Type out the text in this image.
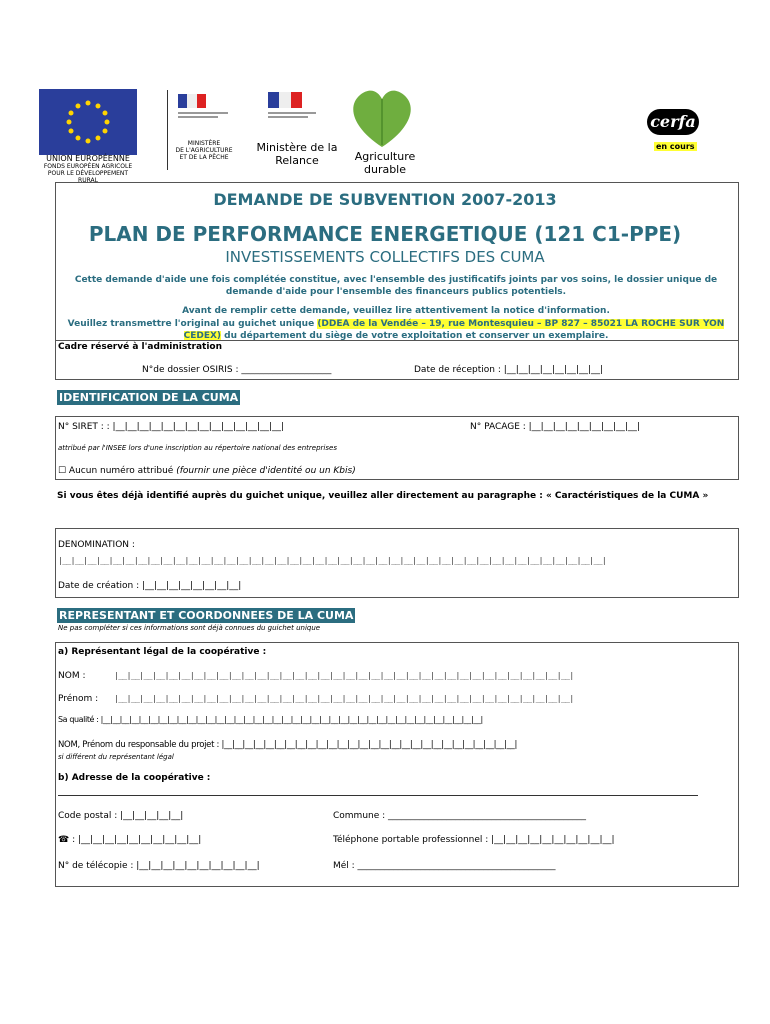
UNION EUROPÉENNE
FONDS EUROPÉEN AGRICOLE
POUR LE DÉVELOPPEMENT RURAL
MINISTÈRE
DE L'AGRICULTURE
ET DE LA PÊCHE
Ministère de la Relance	Agriculture durable
cerfa
en cours
DEMANDE DE SUBVENTION 2007-2013
PLAN DE PERFORMANCE ENERGETIQUE (121 C1-PPE)
INVESTISSEMENTS COLLECTIFS DES CUMA
Cette demande d'aide une fois complétée constitue, avec l'ensemble des justificatifs joints par vos soins, le dossier unique de demande d'aide pour l'ensemble des financeurs publics potentiels.
Avant de remplir cette demande, veuillez lire attentivement la notice d'information.
Veuillez transmettre l'original au guichet unique (DDEA de la Vendée – 19, rue Montesquieu – BP 827 – 85021 LA ROCHE SUR YON CEDEX) du département du siège de votre exploitation et conserver un exemplaire.
Cadre réservé à l'administration
N°de dossier OSIRIS : ____________________	Date de réception : |__|__|__|__|__|__|__|__|
IDENTIFICATION DE LA CUMA
N° SIRET : : |__|__|__|__|__|__|__|__|__|__|__|__|__|__|	N° PACAGE : |__|__|__|__|__|__|__|__|__|
attribué par l'INSEE lors d'une inscription au répertoire national des entreprises
☐ Aucun numéro attribué (fournir une pièce d'identité ou un Kbis)
Si vous êtes déjà identifié auprès du guichet unique, veuillez aller directement au paragraphe : « Caractéristiques de la CUMA »
DENOMINATION :
|__|__|__|__|__|__|__|__|__|__|__|__|__|__|__|__|__|__|__|__|__|__|__|__|__|__|__|__|__|__|__|__|__|__|__|__|__|__|__|__|__|__|__|
Date de création : |__|__|__|__|__|__|__|__|
REPRESENTANT ET COORDONNEES DE LA CUMA
Ne pas compléter si ces informations sont déjà connues du guichet unique
a) Représentant légal de la coopérative :
NOM :	|__|__|__|__|__|__|__|__|__|__|__|__|__|__|__|__|__|__|__|__|__|__|__|__|__|__|__|__|__|__|__|__|__|__|__|__|
Prénom : |__|__|__|__|__|__|__|__|__|__|__|__|__|__|__|__|__|__|__|__|__|__|__|__|__|__|__|__|__|__|__|__|__|__|__|__|
Sa qualité : |__|__|__|__|__|__|__|__|__|__|__|__|__|__|__|__|__|__|__|__|__|__|__|__|__|__|__|__|__|__|__|__|__|__|__|__|__|__|__|__|
NOM, Prénom du responsable du projet : |__|__|__|__|__|__|__|__|__|__|__|__|__|__|__|__|__|__|__|__|__|__|__|__|__|__|__|__|
si différent du représentant légal
b) Adresse de la coopérative :
Code postal : |__|__|__|__|__|	Commune : ____________________________________________
☎ : |__|__|__|__|__|__|__|__|__|__|	Téléphone portable professionnel : |__|__|__|__|__|__|__|__|__|__|
N° de télécopie : |__|__|__|__|__|__|__|__|__|__|	Mél : ____________________________________________
